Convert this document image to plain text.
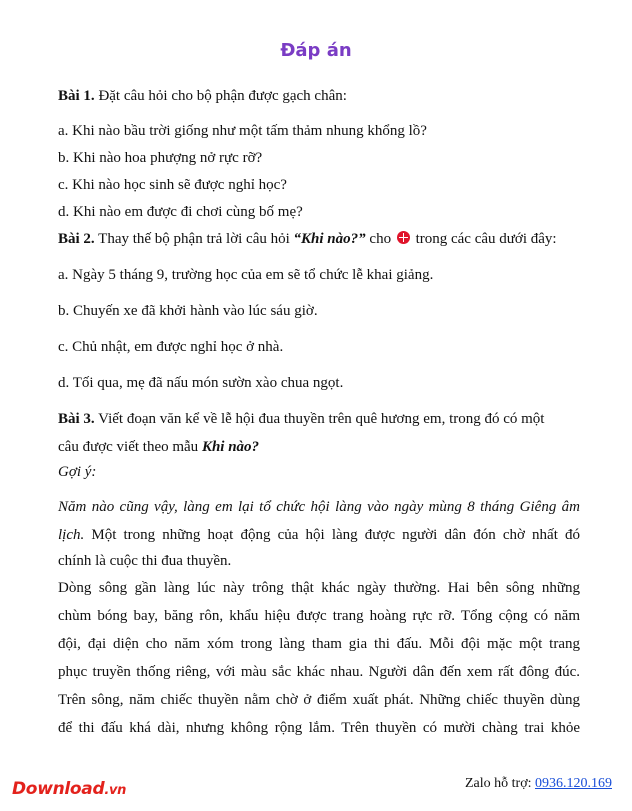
Đáp án
Bài 1. Đặt câu hỏi cho bộ phận được gạch chân:
a. Khi nào bầu trời giống như một tấm thảm nhung khổng lồ?
b. Khi nào hoa phượng nở rực rỡ?
c. Khi nào học sinh sẽ được nghỉ học?
d. Khi nào em được đi chơi cùng bố mẹ?
Bài 2. Thay thế bộ phận trả lời câu hỏi “Khi nào?” cho  trong các câu dưới đây:
a. Ngày 5 tháng 9, trường học của em sẽ tổ chức lễ khai giảng.
b. Chuyến xe đã khởi hành vào lúc sáu giờ.
c. Chủ nhật, em được nghỉ học ở nhà.
d. Tối qua, mẹ đã nấu món sườn xào chua ngọt.
Bài 3. Viết đoạn văn kể về lễ hội đua thuyền trên quê hương em, trong đó có một
câu được viết theo mẫu Khi nào?
Gợi ý:
Năm nào cũng vậy, làng em lại tổ chức hội làng vào ngày mùng 8 tháng Giêng âm
lịch. Một trong những hoạt động của hội làng được người dân đón chờ nhất đó
chính là cuộc thi đua thuyền.
Dòng sông gần làng lúc này trông thật khác ngày thường. Hai bên sông những
chùm bóng bay, băng rôn, khẩu hiệu được trang hoàng rực rỡ. Tổng cộng có năm
đội, đại diện cho năm xóm trong làng tham gia thi đấu. Mỗi đội mặc một trang
phục truyền thống riêng, với màu sắc khác nhau. Người dân đến xem rất đông đúc.
Trên sông, năm chiếc thuyền nằm chờ ở điểm xuất phát. Những chiếc thuyền dùng
để thi đấu khá dài, nhưng không rộng lắm. Trên thuyền có mười chàng trai khỏe
Download.vn	Zalo hỗ trợ: 0936.120.169
